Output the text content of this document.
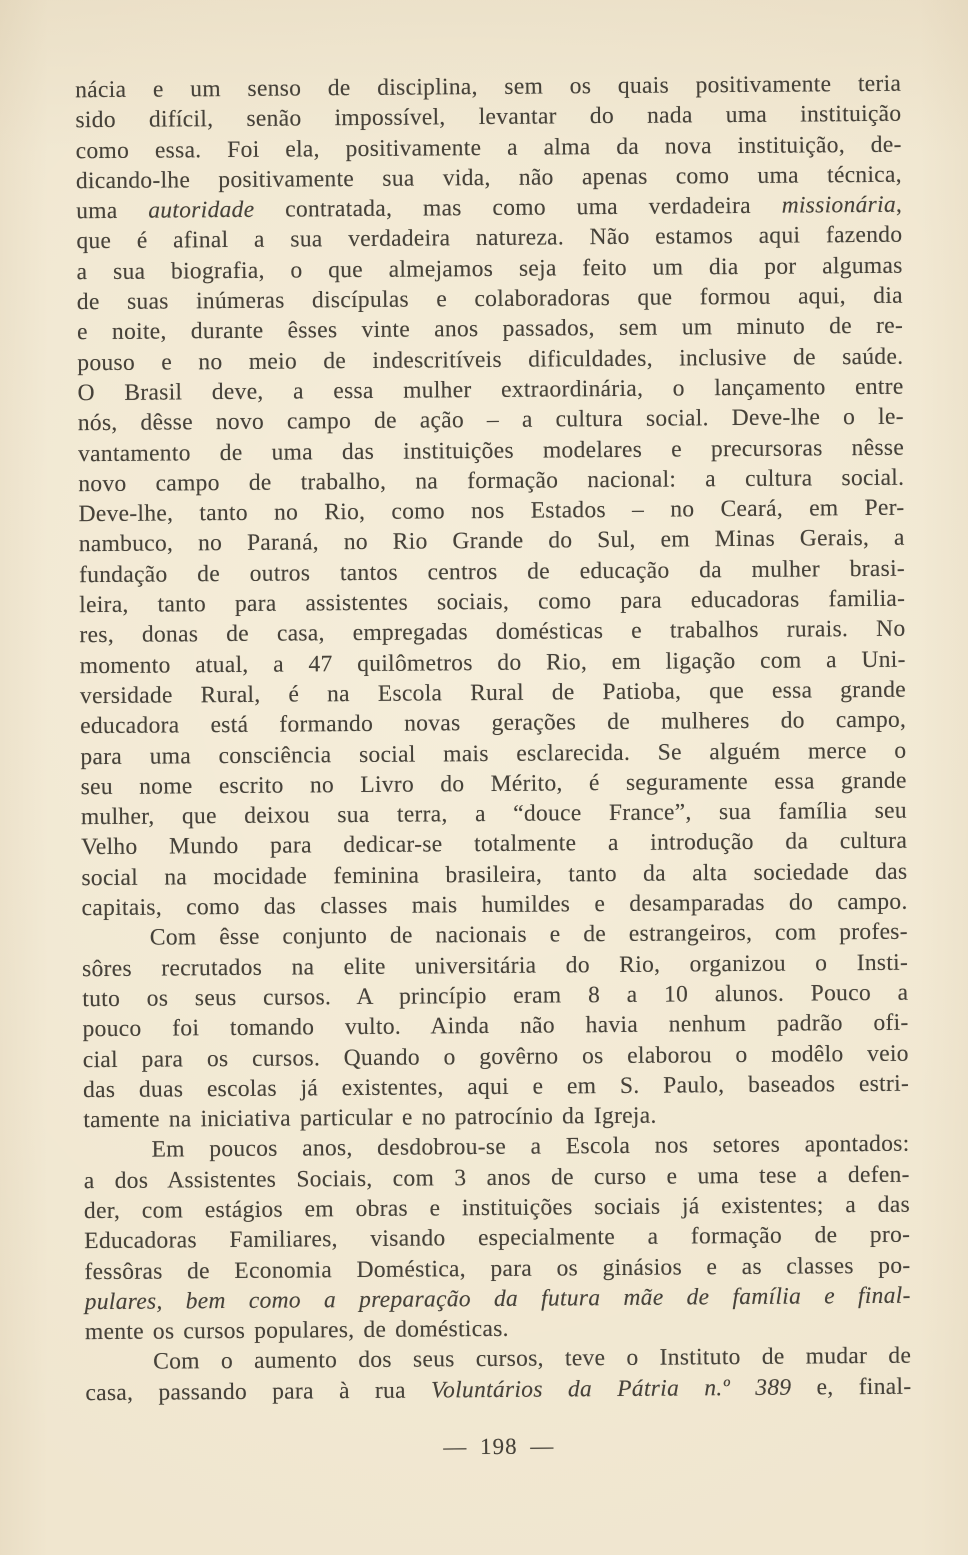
nácia e um senso de disciplina, sem os quais positivamente teria
sido difícil, senão impossível, levantar do nada uma instituição
como essa. Foi ela, positivamente a alma da nova instituição, de-
dicando-lhe positivamente sua vida, não apenas como uma técnica,
uma autoridade contratada, mas como uma verdadeira missionária,
que é afinal a sua verdadeira natureza. Não estamos aqui fazendo
a sua biografia, o que almejamos seja feito um dia por algumas
de suas inúmeras discípulas e colaboradoras que formou aqui, dia
e noite, durante êsses vinte anos passados, sem um minuto de re-
pouso e no meio de indescritíveis dificuldades, inclusive de saúde.
O Brasil deve, a essa mulher extraordinária, o lançamento entre
nós, dêsse novo campo de ação – a cultura social. Deve-lhe o le-
vantamento de uma das instituições modelares e precursoras nêsse
novo campo de trabalho, na formação nacional: a cultura social.
Deve-lhe, tanto no Rio, como nos Estados – no Ceará, em Per-
nambuco, no Paraná, no Rio Grande do Sul, em Minas Gerais, a
fundação de outros tantos centros de educação da mulher brasi-
leira, tanto para assistentes sociais, como para educadoras familia-
res, donas de casa, empregadas domésticas e trabalhos rurais. No
momento atual, a 47 quilômetros do Rio, em ligação com a Uni-
versidade Rural, é na Escola Rural de Patioba, que essa grande
educadora está formando novas gerações de mulheres do campo,
para uma consciência social mais esclarecida. Se alguém merce o
seu nome escrito no Livro do Mérito, é seguramente essa grande
mulher, que deixou sua terra, a “douce France”, sua família seu
Velho Mundo para dedicar-se totalmente a introdução da cultura
social na mocidade feminina brasileira, tanto da alta sociedade das
capitais, como das classes mais humildes e desamparadas do campo.
Com êsse conjunto de nacionais e de estrangeiros, com profes-
sôres recrutados na elite universitária do Rio, organizou o Insti-
tuto os seus cursos. A princípio eram 8 a 10 alunos. Pouco a
pouco foi tomando vulto. Ainda não havia nenhum padrão ofi-
cial para os cursos. Quando o govêrno os elaborou o modêlo veio
das duas escolas já existentes, aqui e em S. Paulo, baseados estri-
tamente na iniciativa particular e no patrocínio da Igreja.
Em poucos anos, desdobrou-se a Escola nos setores apontados:
a dos Assistentes Sociais, com 3 anos de curso e uma tese a defen-
der, com estágios em obras e instituições sociais já existentes; a das
Educadoras Familiares, visando especialmente a formação de pro-
fessôras de Economia Doméstica, para os ginásios e as classes po-
pulares, bem como a preparação da futura mãe de família e final-
mente os cursos populares, de domésticas.
Com o aumento dos seus cursos, teve o Instituto de mudar de
casa, passando para à rua Voluntários da Pátria n.º 389 e, final-
— 198 —
